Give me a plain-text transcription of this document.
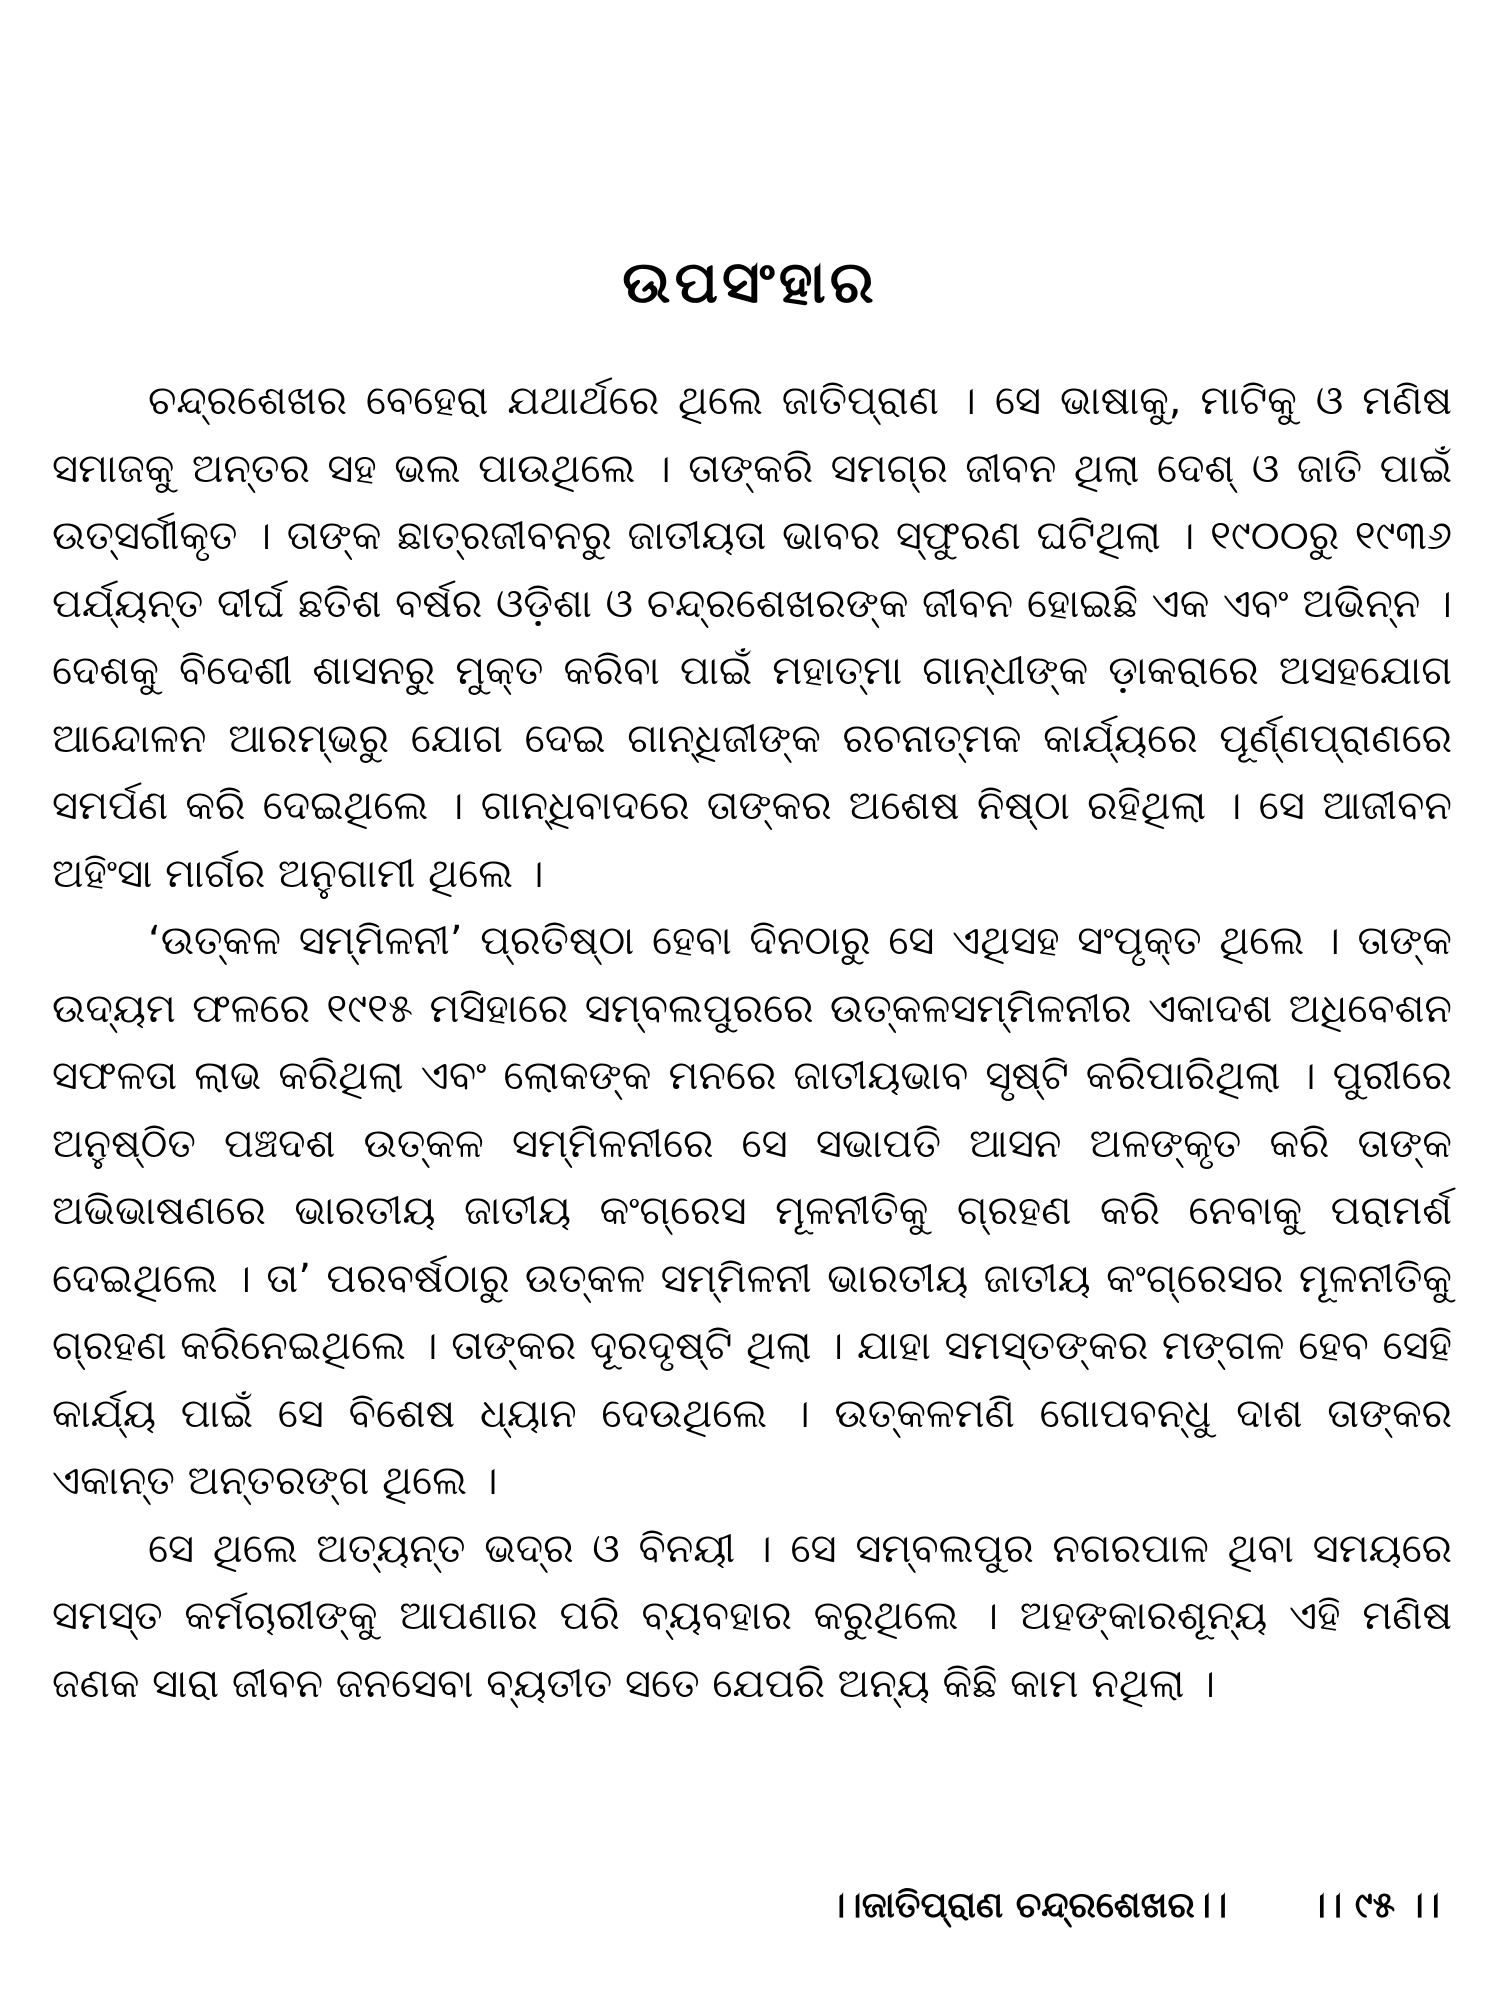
ଉପସଂହାର

ଚନ୍ଦ୍ରଶେଖର ବେହେରା ଯଥାର୍ଥରେ ଥିଲେ ଜାତିପ୍ରାଣ । ସେ ଭାଷାକୁ, ମାଟିକୁ ଓ ମଣିଷ ସମାଜକୁ ଅନ୍ତର ସହ ଭଲ ପାଉଥିଲେ । ତାଙ୍କରି ସମଗ୍ର ଜୀବନ ଥିଲା ଦେଶ୍ ଓ ଜାତି ପାଇଁ ଉତ୍ସର୍ଗୀକୃତ । ତାଙ୍କ ଛାତ୍ରଜୀବନରୁ ଜାତୀୟତା ଭାବର ସ୍ଫୁରଣ ଘଟିଥିଲା । ୧୯୦୦ରୁ ୧୯୩୬ ପର୍ଯ୍ୟନ୍ତ ଦୀର୍ଘ ଛତିଶ ବର୍ଷର ଓଡ଼ିଶା ଓ ଚନ୍ଦ୍ରଶେଖରଙ୍କ ଜୀବନ ହୋଇଛି ଏକ ଏବଂ ଅଭିନ୍ନ । ଦେଶକୁ ବିଦେଶୀ ଶାସନରୁ ମୁକ୍ତ କରିବା ପାଇଁ ମହାତ୍ମା ଗାନ୍ଧୀଙ୍କ ଡ଼ାକରାରେ ଅସହଯୋଗ ଆନ୍ଦୋଳନ ଆରମ୍ଭରୁ ଯୋଗ ଦେଇ ଗାନ୍ଧିଜୀଙ୍କ ରଚନାତ୍ମକ କାର୍ଯ୍ୟରେ ପୂର୍ଣ୍ଣପ୍ରାଣରେ ସମର୍ପଣ କରି ଦେଇଥିଲେ । ଗାନ୍ଧିବାଦରେ ତାଙ୍କର ଅଶେଷ ନିଷ୍ଠା ରହିଥିଲା । ସେ ଆଜୀବନ ଅହିଂସା ମାର୍ଗର ଅନୁଗାମୀ ଥିଲେ ।

‘ଉତ୍କଳ ସମ୍ମିଳନୀ’ ପ୍ରତିଷ୍ଠା ହେବା ଦିନଠାରୁ ସେ ଏଥିସହ ସଂପୃକ୍ତ ଥିଲେ । ତାଙ୍କ ଉଦ୍ୟମ ଫଳରେ ୧୯୧୫ ମସିହାରେ ସମ୍ବଲପୁରରେ ଉତ୍କଳସମ୍ମିଳନୀର ଏକାଦଶ ଅଧିବେଶନ ସଫଳତା ଲାଭ କରିଥିଲା ଏବଂ ଲୋକଙ୍କ ମନରେ ଜାତୀୟଭାବ ସୃଷ୍ଟି କରିପାରିଥିଲା । ପୁରୀରେ ଅନୁଷ୍ଠିତ ପଞ୍ଚଦଶ ଉତ୍କଳ ସମ୍ମିଳନୀରେ ସେ ସଭାପତି ଆସନ ଅଳଙ୍କୃତ କରି ତାଙ୍କ ଅଭିଭାଷଣରେ ଭାରତୀୟ ଜାତୀୟ କଂଗ୍ରେସ ମୂଳନୀତିକୁ ଗ୍ରହଣ କରି ନେବାକୁ ପରାମର୍ଶ ଦେଇଥିଲେ । ତା’ ପରବର୍ଷଠାରୁ ଉତ୍କଳ ସମ୍ମିଳନୀ ଭାରତୀୟ ଜାତୀୟ କଂଗ୍ରେସର ମୂଳନୀତିକୁ ଗ୍ରହଣ କରିନେଇଥିଲେ । ତାଙ୍କର ଦୂରଦୃଷ୍ଟି ଥିଲା । ଯାହା ସମସ୍ତଙ୍କର ମଙ୍ଗଳ ହେବ ସେହି କାର୍ଯ୍ୟ ପାଇଁ ସେ ବିଶେଷ ଧ୍ୟାନ ଦେଉଥିଲେ । ଉତ୍କଳମଣି ଗୋପବନ୍ଧୁ ଦାଶ ତାଙ୍କର ଏକାନ୍ତ ଅନ୍ତରଙ୍ଗ ଥିଲେ ।

ସେ ଥିଲେ ଅତ୍ୟନ୍ତ ଭଦ୍ର ଓ ବିନୟୀ । ସେ ସମ୍ବଲପୁର ନଗରପାଳ ଥିବା ସମୟରେ ସମସ୍ତ କର୍ମଚାରୀଙ୍କୁ ଆପଣାର ପରି ବ୍ୟବହାର କରୁଥିଲେ । ଅହଙ୍କାରଶୂନ୍ୟ ଏହି ମଣିଷ ଜଣକ ସାରା ଜୀବନ ଜନସେବା ବ୍ୟତୀତ ସତେ ଯେପରି ଅନ୍ୟ କିଛି କାମ ନଥିଲା ।

।।ଜାତିପ୍ରାଣ ଚନ୍ଦ୍ରଶେଖର।। ।। ୯୫ ।।
